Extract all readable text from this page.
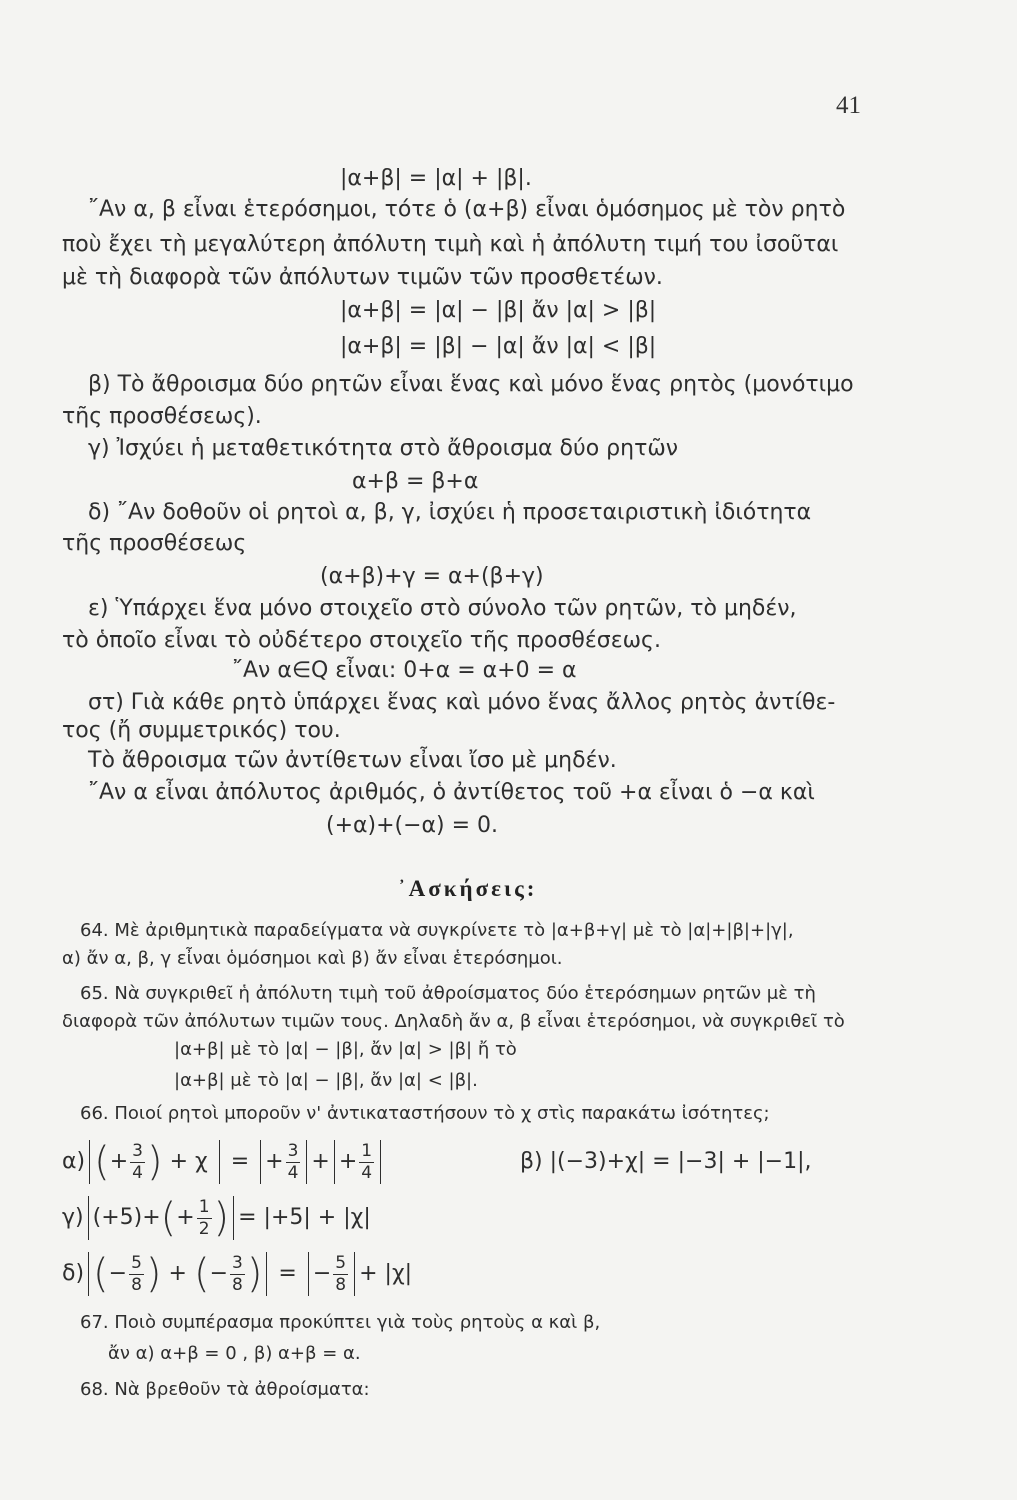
41
|α+β| = |α| + |β|.
῎Αν α, β εἶναι ἑτερόσημοι, τότε ὁ (α+β) εἶναι ὁμόσημος μὲ τὸν ρητὸ
ποὺ ἔχει τὴ μεγαλύτερη ἀπόλυτη τιμὴ καὶ ἡ ἀπόλυτη τιμή του ἰσοῦται
μὲ τὴ διαφορὰ τῶν ἀπόλυτων τιμῶν τῶν προσθετέων.
|α+β| = |α| − |β| ἄν |α| > |β|
|α+β| = |β| − |α| ἄν |α| < |β|
β) Τὸ ἄθροισμα δύο ρητῶν εἶναι ἕνας καὶ μόνο ἕνας ρητὸς (μονότιμο
τῆς προσθέσεως).
γ) Ἰσχύει ἡ μεταθετικότητα στὸ ἄθροισμα δύο ρητῶν
α+β = β+α
δ) ῎Αν δοθοῦν οἱ ρητοὶ α, β, γ, ἰσχύει ἡ προσεταιριστικὴ ἰδιότητα
τῆς προσθέσεως
(α+β)+γ = α+(β+γ)
ε) Ὑπάρχει ἕνα μόνο στοιχεῖο στὸ σύνολο τῶν ρητῶν, τὸ μηδέν,
τὸ ὁποῖο εἶναι τὸ οὐδέτερο στοιχεῖο τῆς προσθέσεως.
῎Αν α∈Q εἶναι: 0+α = α+0 = α
στ) Γιὰ κάθε ρητὸ ὑπάρχει ἕνας καὶ μόνο ἕνας ἄλλος ρητὸς ἀντίθε-
τος (ἤ συμμετρικός) του.
Τὸ ἄθροισμα τῶν ἀντίθετων εἶναι ἴσο μὲ μηδέν.
῎Αν α εἶναι ἀπόλυτος ἀριθμός, ὁ ἀντίθετος τοῦ +α εἶναι ὁ −α καὶ
(+α)+(−α) = 0.
᾿Ασκήσεις:
64. Μὲ ἀριθμητικὰ παραδείγματα νὰ συγκρίνετε τὸ |α+β+γ| μὲ τὸ |α|+|β|+|γ|,
α) ἄν α, β, γ εἶναι ὁμόσημοι καὶ β) ἄν εἶναι ἑτερόσημοι.
65. Νὰ συγκριθεῖ ἡ ἀπόλυτη τιμὴ τοῦ ἀθροίσματος δύο ἑτερόσημων ρητῶν μὲ τὴ
διαφορὰ τῶν ἀπόλυτων τιμῶν τους. Δηλαδὴ ἄν α, β εἶναι ἑτερόσημοι, νὰ συγκριθεῖ τὸ
|α+β| μὲ τὸ |α| − |β|, ἄν |α| > |β| ἤ τὸ
|α+β| μὲ τὸ |α| − |β|, ἄν |α| < |β|.
66. Ποιοί ρητοὶ μποροῦν ν' ἀντικαταστήσουν τὸ χ στὶς παρακάτω ἰσότητες;
α) ( + $\frac{3}{4}$ ) + χ = + $\frac{3}{4}$ + + $\frac{1}{4}$	β) |(−3)+χ| = |−3| + |−1|,
γ) (+5)+ ( + $\frac{1}{2}$ ) = |+5| + |χ|
δ) ( − $\frac{5}{8}$ ) + ( − $\frac{3}{8}$ ) = − $\frac{5}{8} + |\chi|$
67. Ποιὸ συμπέρασμα προκύπτει γιὰ τοὺς ρητοὺς α καὶ β,
ἄν α) α+β = 0 , β) α+β = α.
68. Νὰ βρεθοῦν τὰ ἀθροίσματα:
